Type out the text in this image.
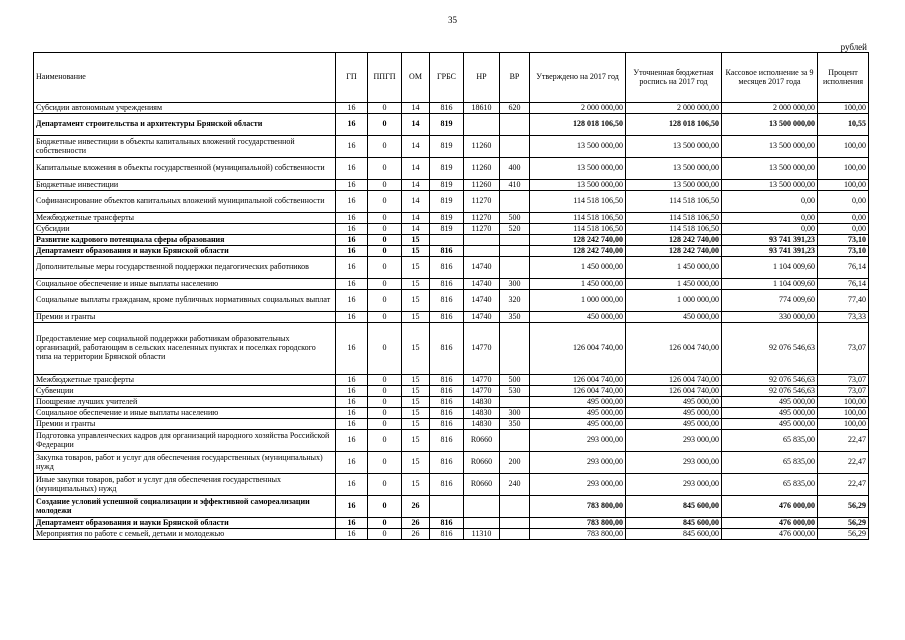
35
рублей
Наименование	ГП	ППГП	ОМ	ГРБС	НР	ВР	Утверждено на 2017 год	Уточненная бюджетная роспись на 2017 год	Кассовое исполнение за 9 месяцев 2017 года	Процент исполнения
Субсидии автономным учреждениям	16	0	14	816	18610	620	2 000 000,00	2 000 000,00	2 000 000,00	100,00
Департамент строительства и архитектуры Брянской области	16	0	14	819			128 018 106,50	128 018 106,50	13 500 000,00	10,55
Бюджетные инвестиции в объекты капитальных вложений государственной собственности	16	0	14	819	11260		13 500 000,00	13 500 000,00	13 500 000,00	100,00
Капитальные вложения в объекты государственной (муниципальной) собственности	16	0	14	819	11260	400	13 500 000,00	13 500 000,00	13 500 000,00	100,00
Бюджетные инвестиции	16	0	14	819	11260	410	13 500 000,00	13 500 000,00	13 500 000,00	100,00
Софинансирование объектов капитальных вложений муниципальной собственности	16	0	14	819	11270		114 518 106,50	114 518 106,50	0,00	0,00
Межбюджетные трансферты	16	0	14	819	11270	500	114 518 106,50	114 518 106,50	0,00	0,00
Субсидии	16	0	14	819	11270	520	114 518 106,50	114 518 106,50	0,00	0,00
Развитие кадрового потенциала сферы образования	16	0	15				128 242 740,00	128 242 740,00	93 741 391,23	73,10
Департамент образования и науки Брянской области	16	0	15	816			128 242 740,00	128 242 740,00	93 741 391,23	73,10
Дополнительные меры государственной поддержки педагогических работников	16	0	15	816	14740		1 450 000,00	1 450 000,00	1 104 009,60	76,14
Социальное обеспечение и иные выплаты населению	16	0	15	816	14740	300	1 450 000,00	1 450 000,00	1 104 009,60	76,14
Социальные выплаты гражданам, кроме публичных нормативных социальных выплат	16	0	15	816	14740	320	1 000 000,00	1 000 000,00	774 009,60	77,40
Премии и гранты	16	0	15	816	14740	350	450 000,00	450 000,00	330 000,00	73,33
Предоставление мер социальной поддержки работникам образовательных организаций, работающим в сельских населенных пунктах и поселках городского типа на территории Брянской области	16	0	15	816	14770		126 004 740,00	126 004 740,00	92 076 546,63	73,07
Межбюджетные трансферты	16	0	15	816	14770	500	126 004 740,00	126 004 740,00	92 076 546,63	73,07
Субвенции	16	0	15	816	14770	530	126 004 740,00	126 004 740,00	92 076 546,63	73,07
Поощрение лучших учителей	16	0	15	816	14830		495 000,00	495 000,00	495 000,00	100,00
Социальное обеспечение и иные выплаты населению	16	0	15	816	14830	300	495 000,00	495 000,00	495 000,00	100,00
Премии и гранты	16	0	15	816	14830	350	495 000,00	495 000,00	495 000,00	100,00
Подготовка управленческих кадров для организаций народного хозяйства Российской Федерации	16	0	15	816	R0660		293 000,00	293 000,00	65 835,00	22,47
Закупка товаров, работ и услуг для обеспечения государственных (муниципальных) нужд	16	0	15	816	R0660	200	293 000,00	293 000,00	65 835,00	22,47
Иные закупки товаров, работ и услуг для обеспечения государственных (муниципальных) нужд	16	0	15	816	R0660	240	293 000,00	293 000,00	65 835,00	22,47
Создание условий успешной социализации и эффективной самореализации молодежи	16	0	26				783 800,00	845 600,00	476 000,00	56,29
Департамент образования и науки Брянской области	16	0	26	816			783 800,00	845 600,00	476 000,00	56,29
Мероприятия по работе с семьей, детьми и молодежью	16	0	26	816	11310		783 800,00	845 600,00	476 000,00	56,29
